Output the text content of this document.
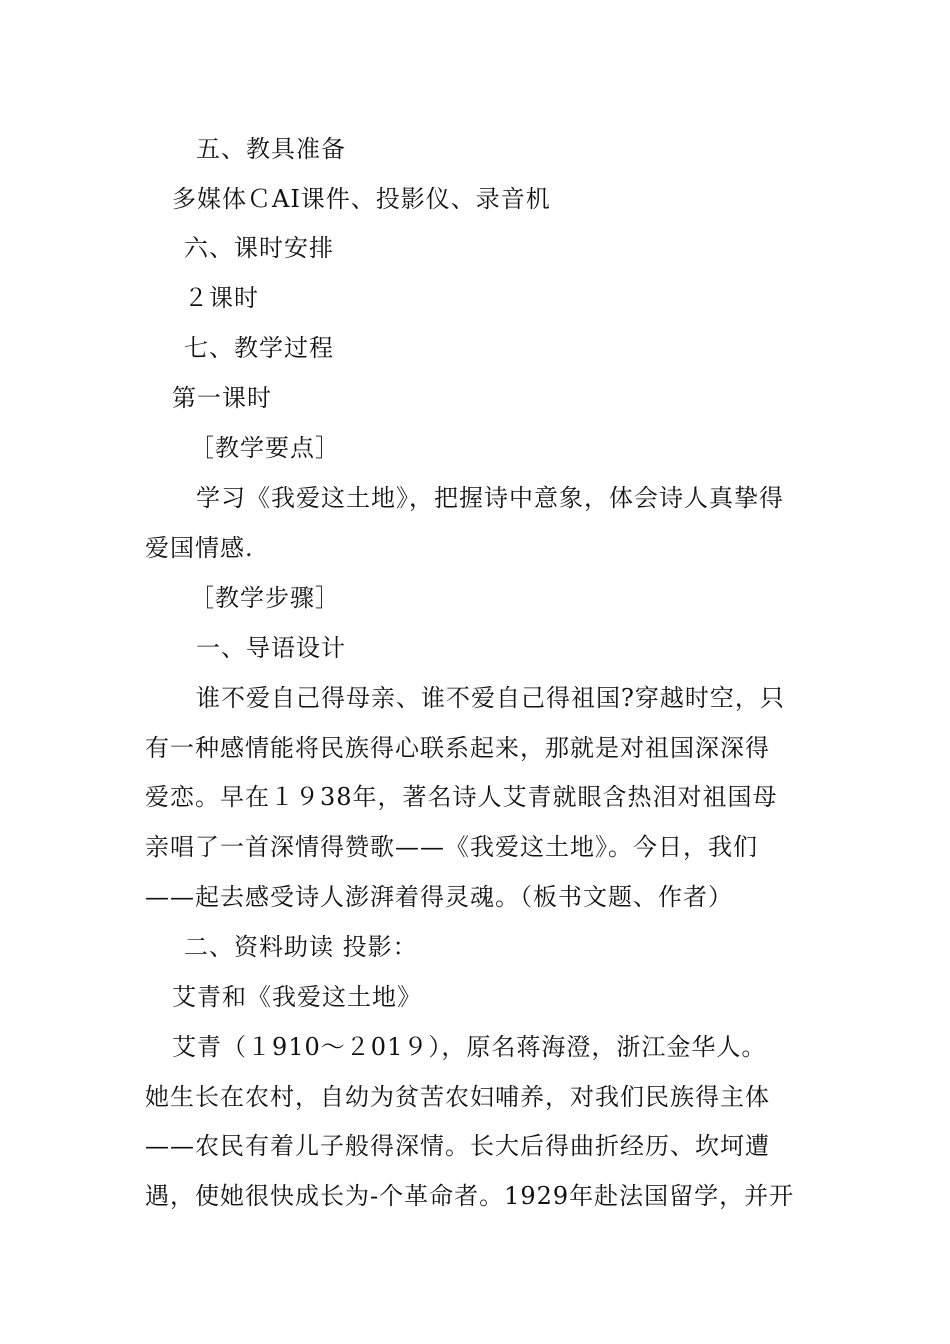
五、教具准备
多媒体ＣAI课件、投影仪、录音机
六、课时安排
２课时
七、教学过程
第一课时
［教学要点］
学习《我爱这土地》，把握诗中意象，体会诗人真挚得
爱国情感.
［教学步骤］
一、导语设计
谁不爱自己得母亲、谁不爱自己得祖国?穿越时空，只
有一种感情能将民族得心联系起来，那就是对祖国深深得
爱恋。早在１９38年，著名诗人艾青就眼含热泪对祖国母
亲唱了一首深情得赞歌——《我爱这土地》。今日，我们
——起去感受诗人澎湃着得灵魂。（板书文题、作者）
二、资料助读 投影：
艾青和《我爱这土地》
艾青（１910～２01９），原名蒋海澄，浙江金华人。
她生长在农村，自幼为贫苦农妇哺养，对我们民族得主体
——农民有着儿子般得深情。长大后得曲折经历、坎坷遭
遇，使她很快成长为-个革命者。1929年赴法国留学，并开
